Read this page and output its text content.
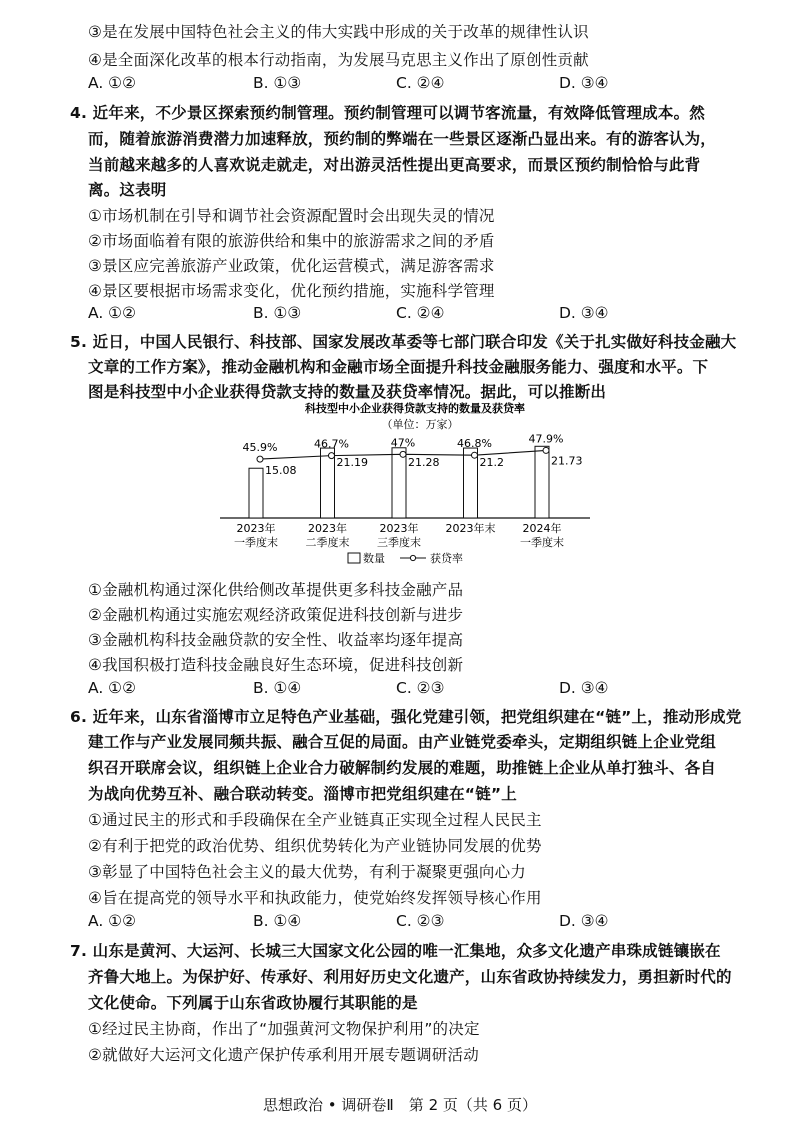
③是在发展中国特色社会主义的伟大实践中形成的关于改革的规律性认识
④是全面深化改革的根本行动指南，为发展马克思主义作出了原创性贡献
A. ①②	B. ①③	C. ②④	D. ③④
4. 近年来，不少景区探索预约制管理。预约制管理可以调节客流量，有效降低管理成本。然
而，随着旅游消费潜力加速释放，预约制的弊端在一些景区逐渐凸显出来。有的游客认为，
当前越来越多的人喜欢说走就走，对出游灵活性提出更高要求，而景区预约制恰恰与此背
离。这表明
①市场机制在引导和调节社会资源配置时会出现失灵的情况
②市场面临着有限的旅游供给和集中的旅游需求之间的矛盾
③景区应完善旅游产业政策，优化运营模式，满足游客需求
④景区要根据市场需求变化，优化预约措施，实施科学管理
A. ①②	B. ①③	C. ②④	D. ③④
5. 近日，中国人民银行、科技部、国家发展改革委等七部门联合印发《关于扎实做好科技金融大
文章的工作方案》，推动金融机构和金融市场全面提升科技金融服务能力、强度和水平。下
图是科技型中小企业获得贷款支持的数量及获贷率情况。据此，可以推断出
科技型中小企业获得贷款支持的数量及获贷率
（单位：万家）
15.08
21.19	21.28	21.2	21.73
45.9%	46.7%	47%	46.8%	47.9%
2023年
一季度末
2023年
二季度末
2023年
三季度末
2023年末 2024年
一季度末
数量	获贷率
①金融机构通过深化供给侧改革提供更多科技金融产品
②金融机构通过实施宏观经济政策促进科技创新与进步
③金融机构科技金融贷款的安全性、收益率均逐年提高
④我国积极打造科技金融良好生态环境，促进科技创新
A. ①②	B. ①④	C. ②③	D. ③④
6. 近年来，山东省淄博市立足特色产业基础，强化党建引领，把党组织建在“链”上，推动形成党
建工作与产业发展同频共振、融合互促的局面。由产业链党委牵头，定期组织链上企业党组
织召开联席会议，组织链上企业合力破解制约发展的难题，助推链上企业从单打独斗、各自
为战向优势互补、融合联动转变。淄博市把党组织建在“链”上
①通过民主的形式和手段确保在全产业链真正实现全过程人民民主
②有利于把党的政治优势、组织优势转化为产业链协同发展的优势
③彰显了中国特色社会主义的最大优势，有利于凝聚更强向心力
④旨在提高党的领导水平和执政能力，使党始终发挥领导核心作用
A. ①②	B. ①④	C. ②③	D. ③④
7. 山东是黄河、大运河、长城三大国家文化公园的唯一汇集地，众多文化遗产串珠成链镶嵌在
齐鲁大地上。为保护好、传承好、利用好历史文化遗产，山东省政协持续发力，勇担新时代的
文化使命。下列属于山东省政协履行其职能的是
①经过民主协商，作出了“加强黄河文物保护利用”的决定
②就做好大运河文化遗产保护传承利用开展专题调研活动
思想政治 • 调研卷Ⅱ　第 2 页（共 6 页）
